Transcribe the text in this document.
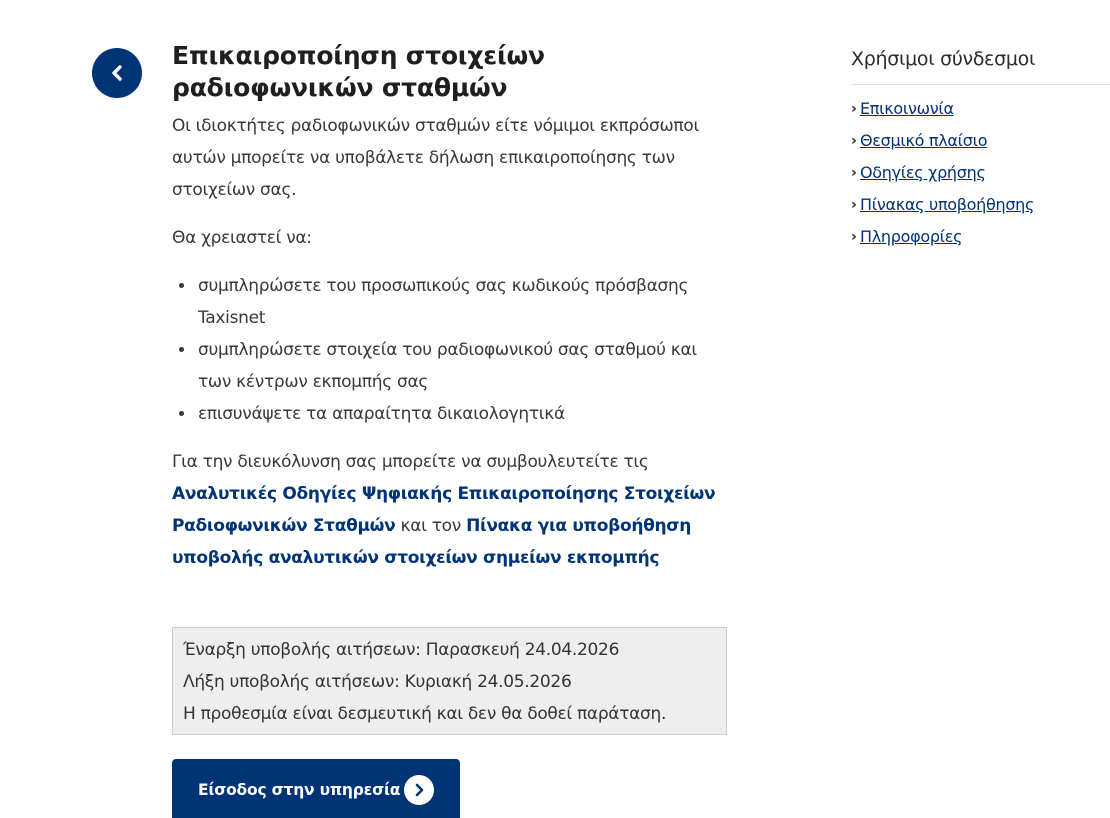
Επικαιροποίηση στοιχείων
ραδιοφωνικών σταθμών

Οι ιδιοκτήτες ραδιοφωνικών σταθμών είτε νόμιμοι εκπρόσωποι αυτών μπορείτε να υποβάλετε δήλωση επικαιροποίησης των στοιχείων σας.

Θα χρειαστεί να:

• συμπληρώσετε του προσωπικούς σας κωδικούς πρόσβασης Taxisnet
• συμπληρώσετε στοιχεία του ραδιοφωνικού σας σταθμού και των κέντρων εκπομπής σας
• επισυνάψετε τα απαραίτητα δικαιολογητικά

Για την διευκόλυνση σας μπορείτε να συμβουλευτείτε τις Αναλυτικές Οδηγίες Ψηφιακής Επικαιροποίησης Στοιχείων Ραδιοφωνικών Σταθμών και τον Πίνακα για υποβοήθηση υποβολής αναλυτικών στοιχείων σημείων εκπομπής

Έναρξη υποβολής αιτήσεων: Παρασκευή 24.04.2026
Λήξη υποβολής αιτήσεων: Κυριακή 24.05.2026
Η προθεσμία είναι δεσμευτική και δεν θα δοθεί παράταση.
Είσοδος στην υπηρεσία
Χρήσιμοι σύνδεσμοι
› Επικοινωνία
› Θεσμικό πλαίσιο
› Οδηγίες χρήσης
› Πίνακας υποβοήθησης
› Πληροφορίες
